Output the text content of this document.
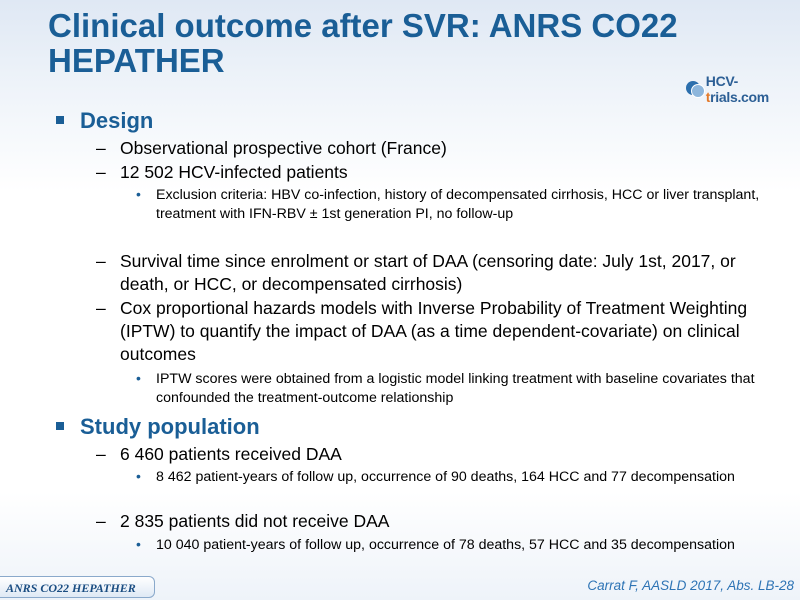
Clinical outcome after SVR: ANRS CO22 HEPATHER
HCV-trials.com
Design
– Observational prospective cohort (France)
– 12 502 HCV-infected patients
• Exclusion criteria: HBV co-infection, history of decompensated cirrhosis, HCC or liver transplant, treatment with IFN-RBV ± 1st generation PI, no follow-up
– Survival time since enrolment or start of DAA (censoring date: July 1st, 2017, or death, or HCC, or decompensated cirrhosis)
– Cox proportional hazards models with Inverse Probability of Treatment Weighting (IPTW) to quantify the impact of DAA (as a time dependent-covariate) on clinical outcomes
• IPTW scores were obtained from a logistic model linking treatment with baseline covariates that confounded the treatment-outcome relationship
Study population
– 6 460 patients received DAA
• 8 462 patient-years of follow up, occurrence of 90 deaths, 164 HCC and 77 decompensation
– 2 835 patients did not receive DAA
• 10 040 patient-years of follow up, occurrence of 78 deaths, 57 HCC and 35 decompensation
ANRS CO22 HEPATHER	Carrat F, AASLD 2017, Abs. LB-28
